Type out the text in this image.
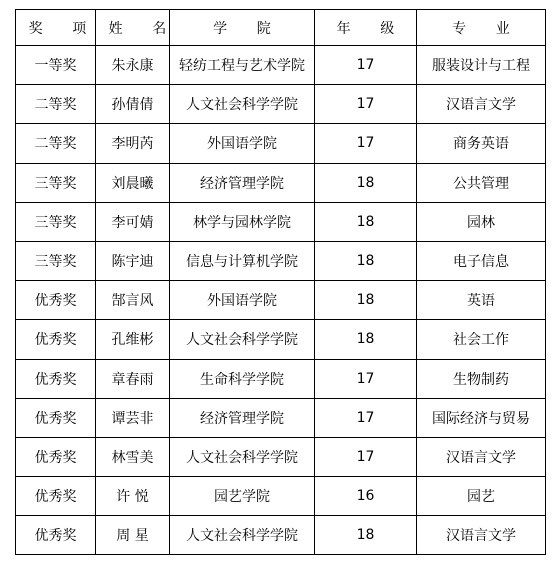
奖 项	姓 名	学 院	年 级	专 业
一等奖	朱永康	轻纺工程与艺术学院	17	服装设计与工程
二等奖	孙倩倩	人文社会科学学院	17	汉语言文学
二等奖	李明芮	外国语学院	17	商务英语
三等奖	刘晨曦	经济管理学院	18	公共管理
三等奖	李可婧	林学与园林学院	18	园林
三等奖	陈宇迪	信息与计算机学院	18	电子信息
优秀奖	郜言风	外国语学院	18	英语
优秀奖	孔维彬	人文社会科学学院	18	社会工作
优秀奖	章春雨	生命科学学院	17	生物制药
优秀奖	谭芸非	经济管理学院	17	国际经济与贸易
优秀奖	林雪美	人文社会科学学院	17	汉语言文学
优秀奖	许 悦	园艺学院	16	园艺
优秀奖	周 星	人文社会科学学院	18	汉语言文学
